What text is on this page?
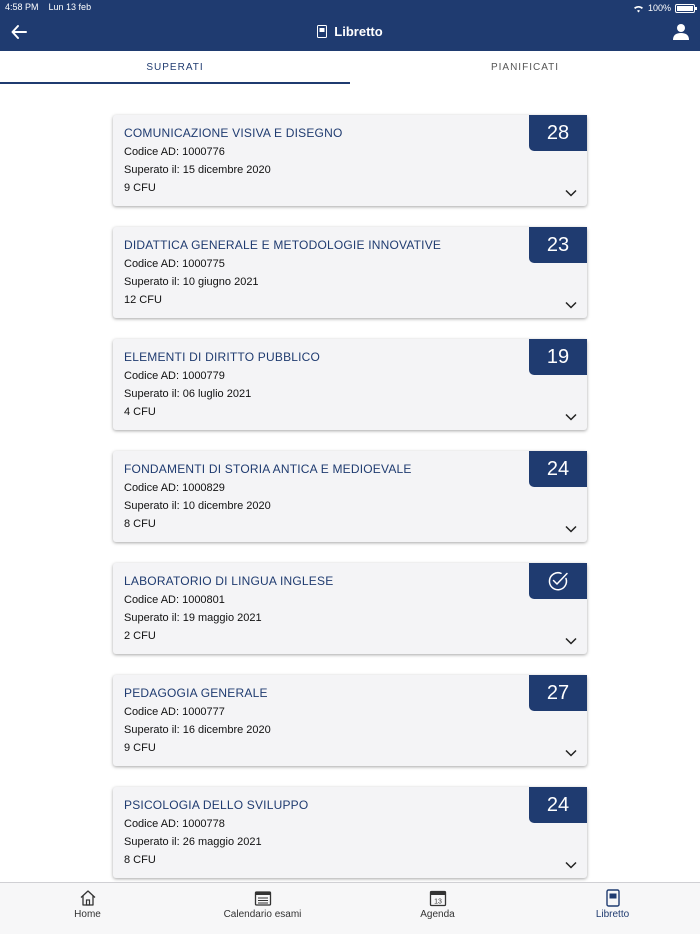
4:58 PM Lun 13 feb	100%
Libretto
SUPERATI	PIANIFICATI
COMUNICAZIONE VISIVA E DISEGNO
Codice AD: 1000776
Superato il: 15 dicembre 2020
9 CFU
28
DIDATTICA GENERALE E METODOLOGIE INNOVATIVE
Codice AD: 1000775
Superato il: 10 giugno 2021
12 CFU
23
ELEMENTI DI DIRITTO PUBBLICO
Codice AD: 1000779
Superato il: 06 luglio 2021
4 CFU
19
FONDAMENTI DI STORIA ANTICA E MEDIOEVALE
Codice AD: 1000829
Superato il: 10 dicembre 2020
8 CFU
24
LABORATORIO DI LINGUA INGLESE
Codice AD: 1000801
Superato il: 19 maggio 2021
2 CFU
PEDAGOGIA GENERALE
Codice AD: 1000777
Superato il: 16 dicembre 2020
9 CFU
27
PSICOLOGIA DELLO SVILUPPO
Codice AD: 1000778
Superato il: 26 maggio 2021
8 CFU
24
Home	Calendario esami
13
Agenda	Libretto
